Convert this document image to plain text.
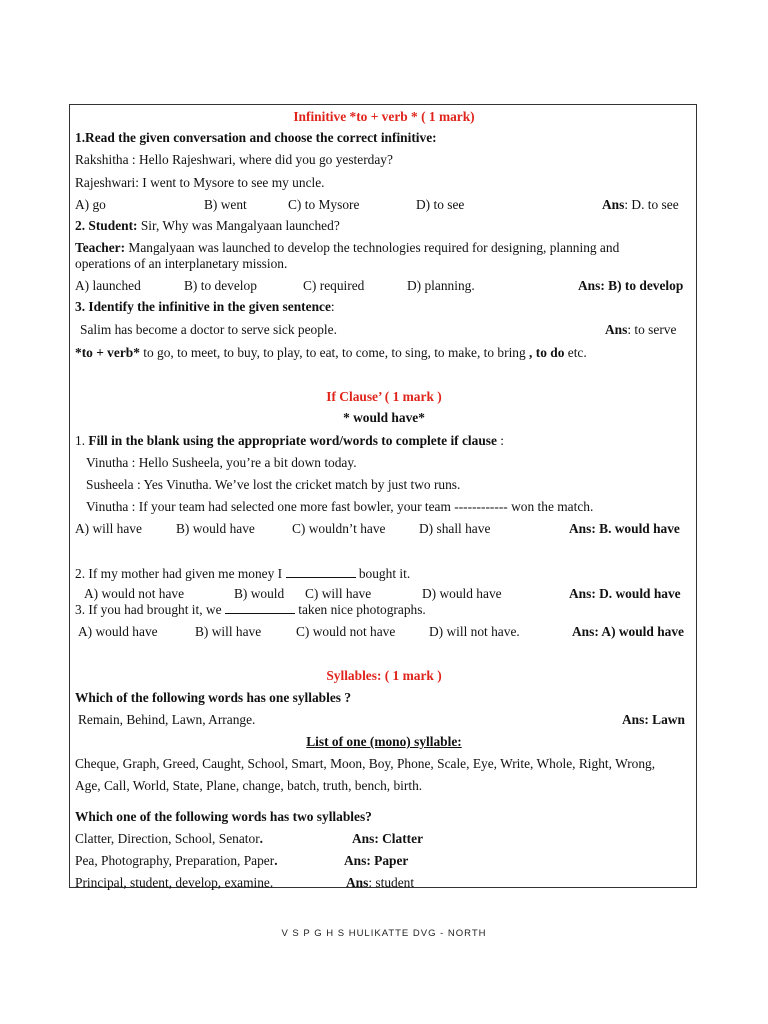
Infinitive *to + verb * ( 1 mark)
1.Read the given conversation and choose the correct infinitive:
Rakshitha : Hello Rajeshwari, where did you go yesterday?
Rajeshwari: I went to Mysore to see my uncle.
A) go	B) went	C) to Mysore	D) to see	Ans: D. to see
2. Student: Sir, Why was Mangalyaan launched?
Teacher: Mangalyaan was launched to develop the technologies required for designing, planning and
operations of an interplanetary mission.
A) launched	B) to develop	C) required	D) planning.	Ans: B) to develop
3. Identify the infinitive in the given sentence:
Salim has become a doctor to serve sick people.	Ans: to serve
*to + verb* to go, to meet, to buy, to play, to eat, to come, to sing, to make, to bring , to do etc.
If Clause’ ( 1 mark )
* would have*
1. Fill in the blank using the appropriate word/words to complete if clause :
Vinutha : Hello Susheela, you’re a bit down today.
Susheela : Yes Vinutha. We’ve lost the cricket match by just two runs.
Vinutha : If your team had selected one more fast bowler, your team ------------ won the match.
A) will have	B) would have	C) wouldn’t have	D) shall have	Ans: B. would have
2. If my mother had given me money I	bought it.
A) would not have	B) would C) will have	D) would have	Ans: D. would have
3. If you had brought it, we	taken nice photographs.
A) would have	B) will have	C) would not have	D) will not have.	Ans: A) would have
Syllables: ( 1 mark )
Which of the following words has one syllables ?
Remain, Behind, Lawn, Arrange.	Ans: Lawn
List of one (mono) syllable:
Cheque, Graph, Greed, Caught, School, Smart, Moon, Boy, Phone, Scale, Eye, Write, Whole, Right, Wrong,
Age, Call, World, State, Plane, change, batch, truth, bench, birth.
Which one of the following words has two syllables?
Clatter, Direction, School, Senator.	Ans: Clatter
Pea, Photography, Preparation, Paper.	Ans: Paper
Principal, student, develop, examine.	Ans: student
V S P G H S HULIKATTE DVG - NORTH
